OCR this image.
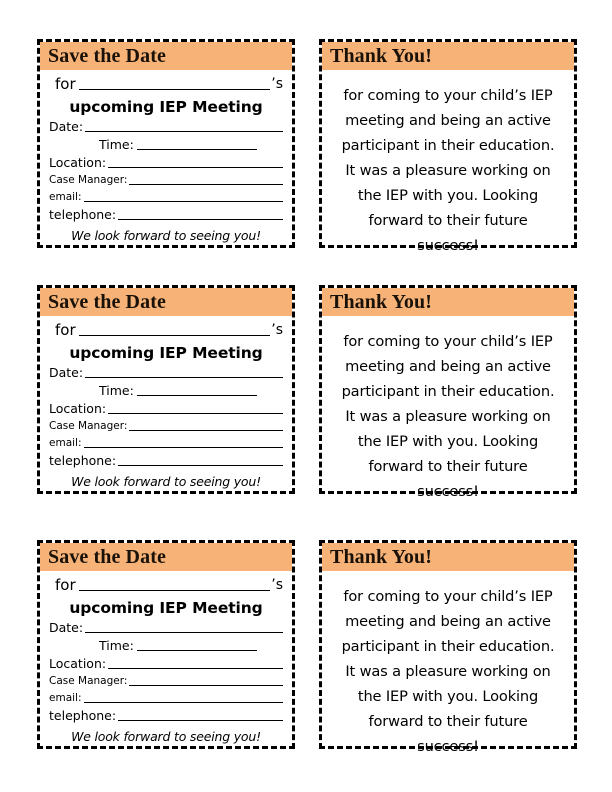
Save the Date
for	’s
upcoming IEP Meeting
Date:
Time:
Location:
Case Manager:
email:
telephone:
We look forward to seeing you!
Thank You!
for coming to your child’s IEP meeting and being an active participant in their education. It was a pleasure working on the IEP with you. Looking forward to their future success!
Save the Date
for	’s
upcoming IEP Meeting
Date:
Time:
Location:
Case Manager:
email:
telephone:
We look forward to seeing you!
Thank You!
for coming to your child’s IEP meeting and being an active participant in their education. It was a pleasure working on the IEP with you. Looking forward to their future success!
Save the Date
for	’s
upcoming IEP Meeting
Date:
Time:
Location:
Case Manager:
email:
telephone:
We look forward to seeing you!
Thank You!
for coming to your child’s IEP meeting and being an active participant in their education. It was a pleasure working on the IEP with you. Looking forward to their future success!
